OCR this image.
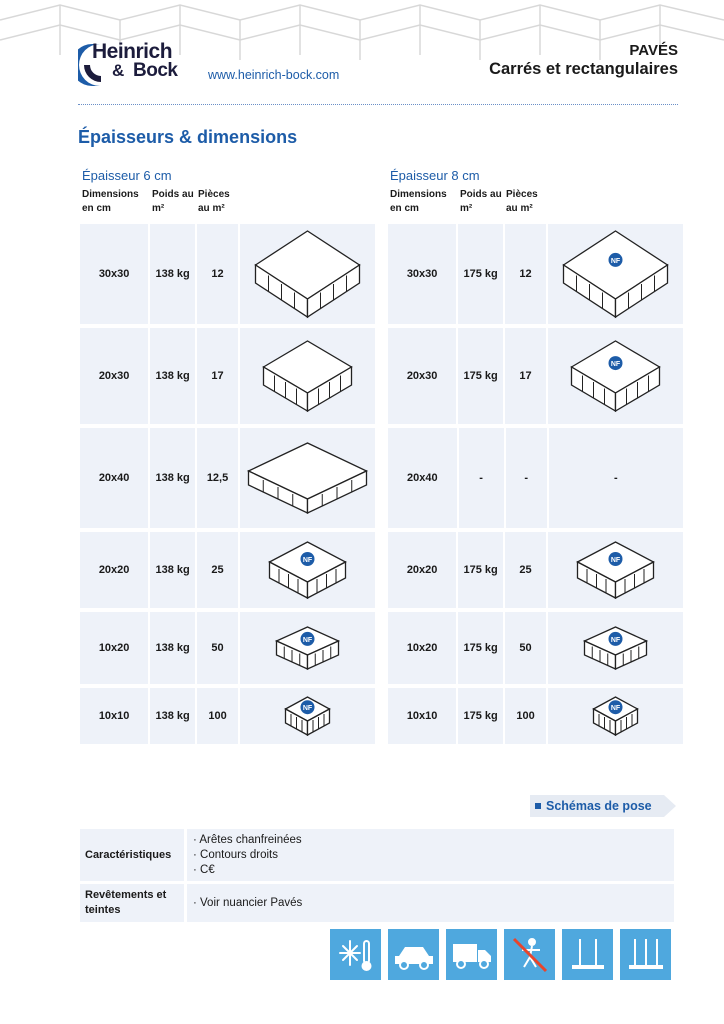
Heinrich
& Bock www.heinrich-bock.com
PAVÉS
Carrés et rectangulaires
Épaisseurs & dimensions
Épaisseur 6 cm
Dimensions en cm
Poids au m²
Pièces au m²
30x30	138 kg	12
20x30	138 kg	17
20x40	138 kg	12,5
20x20	138 kg	25
NF
10x20	138 kg	50
NF
10x10	138 kg	100
NF
Épaisseur 8 cm
Dimensions en cm
Poids au m²
Pièces au m²
30x30	175 kg	12
NF
20x30	175 kg	17
NF
20x40	-	-	-
20x20	175 kg	25
NF
10x20	175 kg	50
NF
10x10	175 kg	100
NF
Schémas de pose
Caractéristiques
· Arêtes chanfreinées
· Contours droits
· C€
Revêtements et teintes
· Voir nuancier Pavés
